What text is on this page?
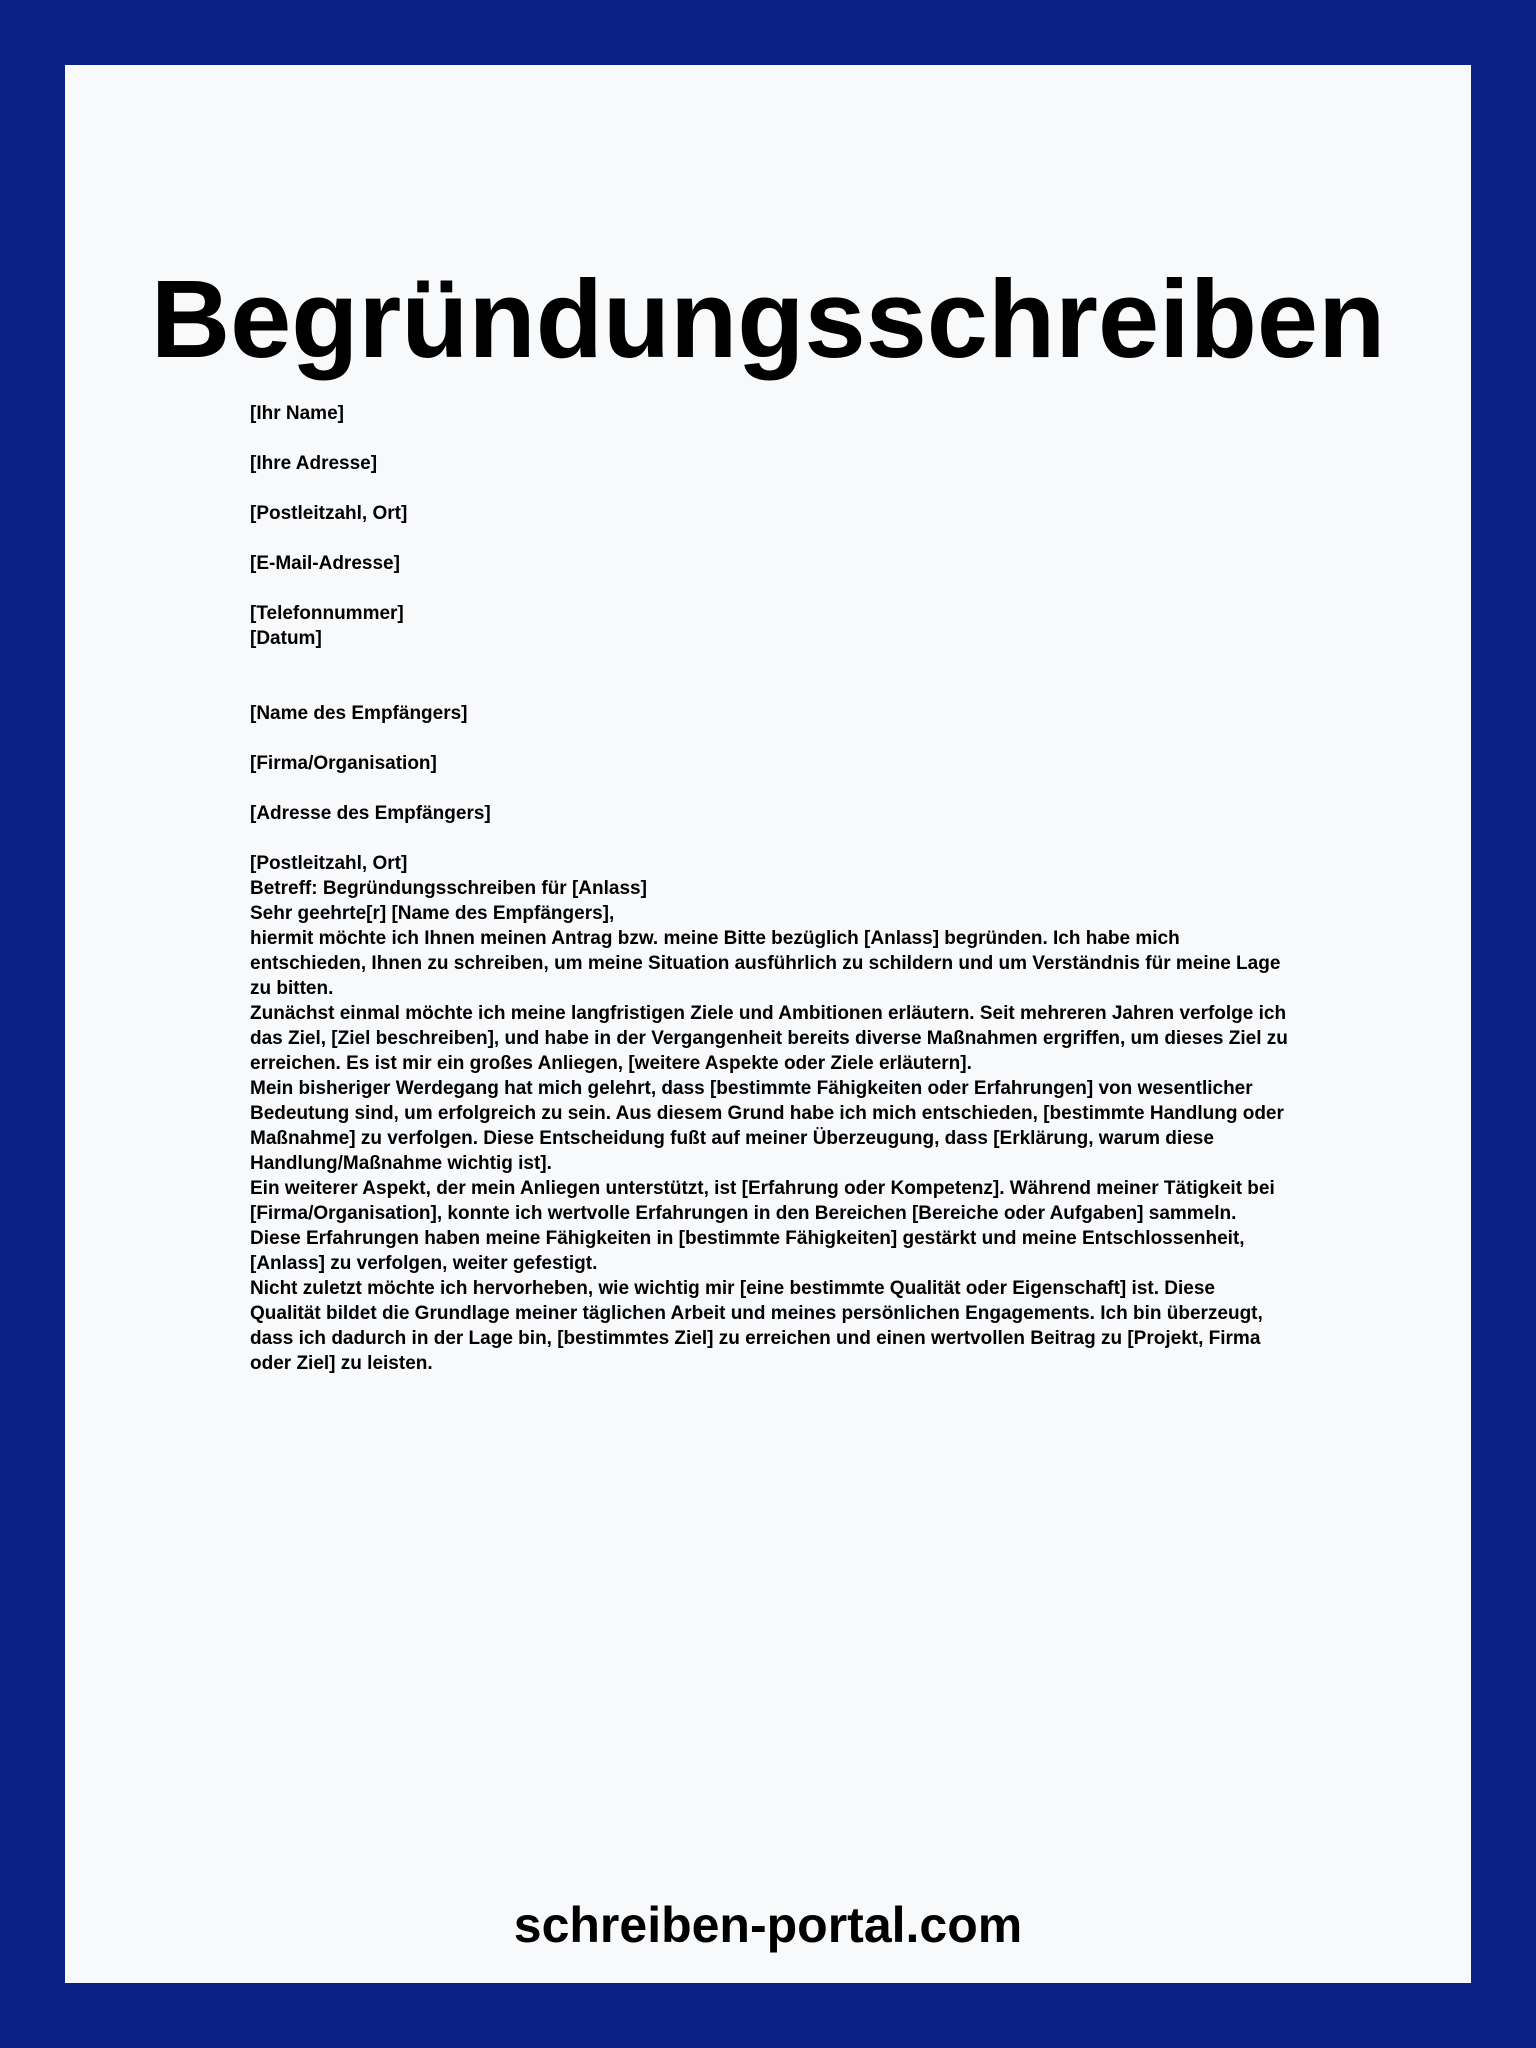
Begründungsschreiben

[Ihr Name]

[Ihre Adresse]

[Postleitzahl, Ort]

[E-Mail-Adresse]

[Telefonnummer]

[Datum]

[Name des Empfängers]

[Firma/Organisation]

[Adresse des Empfängers]

[Postleitzahl, Ort]

Betreff: Begründungsschreiben für [Anlass]

Sehr geehrte[r] [Name des Empfängers],

hiermit möchte ich Ihnen meinen Antrag bzw. meine Bitte bezüglich [Anlass] begründen. Ich habe mich entschieden, Ihnen zu schreiben, um meine Situation ausführlich zu schildern und um Verständnis für meine Lage zu bitten.

Zunächst einmal möchte ich meine langfristigen Ziele und Ambitionen erläutern. Seit mehreren Jahren verfolge ich das Ziel, [Ziel beschreiben], und habe in der Vergangenheit bereits diverse Maßnahmen ergriffen, um dieses Ziel zu erreichen. Es ist mir ein großes Anliegen, [weitere Aspekte oder Ziele erläutern].

Mein bisheriger Werdegang hat mich gelehrt, dass [bestimmte Fähigkeiten oder Erfahrungen] von wesentlicher Bedeutung sind, um erfolgreich zu sein. Aus diesem Grund habe ich mich entschieden, [bestimmte Handlung oder Maßnahme] zu verfolgen. Diese Entscheidung fußt auf meiner Überzeugung, dass [Erklärung, warum diese Handlung/Maßnahme wichtig ist].

Ein weiterer Aspekt, der mein Anliegen unterstützt, ist [Erfahrung oder Kompetenz]. Während meiner Tätigkeit bei [Firma/Organisation], konnte ich wertvolle Erfahrungen in den Bereichen [Bereiche oder Aufgaben] sammeln. Diese Erfahrungen haben meine Fähigkeiten in [bestimmte Fähigkeiten] gestärkt und meine Entschlossenheit, [Anlass] zu verfolgen, weiter gefestigt.

Nicht zuletzt möchte ich hervorheben, wie wichtig mir [eine bestimmte Qualität oder Eigenschaft] ist. Diese Qualität bildet die Grundlage meiner täglichen Arbeit und meines persönlichen Engagements. Ich bin überzeugt, dass ich dadurch in der Lage bin, [bestimmtes Ziel] zu erreichen und einen wertvollen Beitrag zu [Projekt, Firma oder Ziel] zu leisten.

schreiben-portal.com
